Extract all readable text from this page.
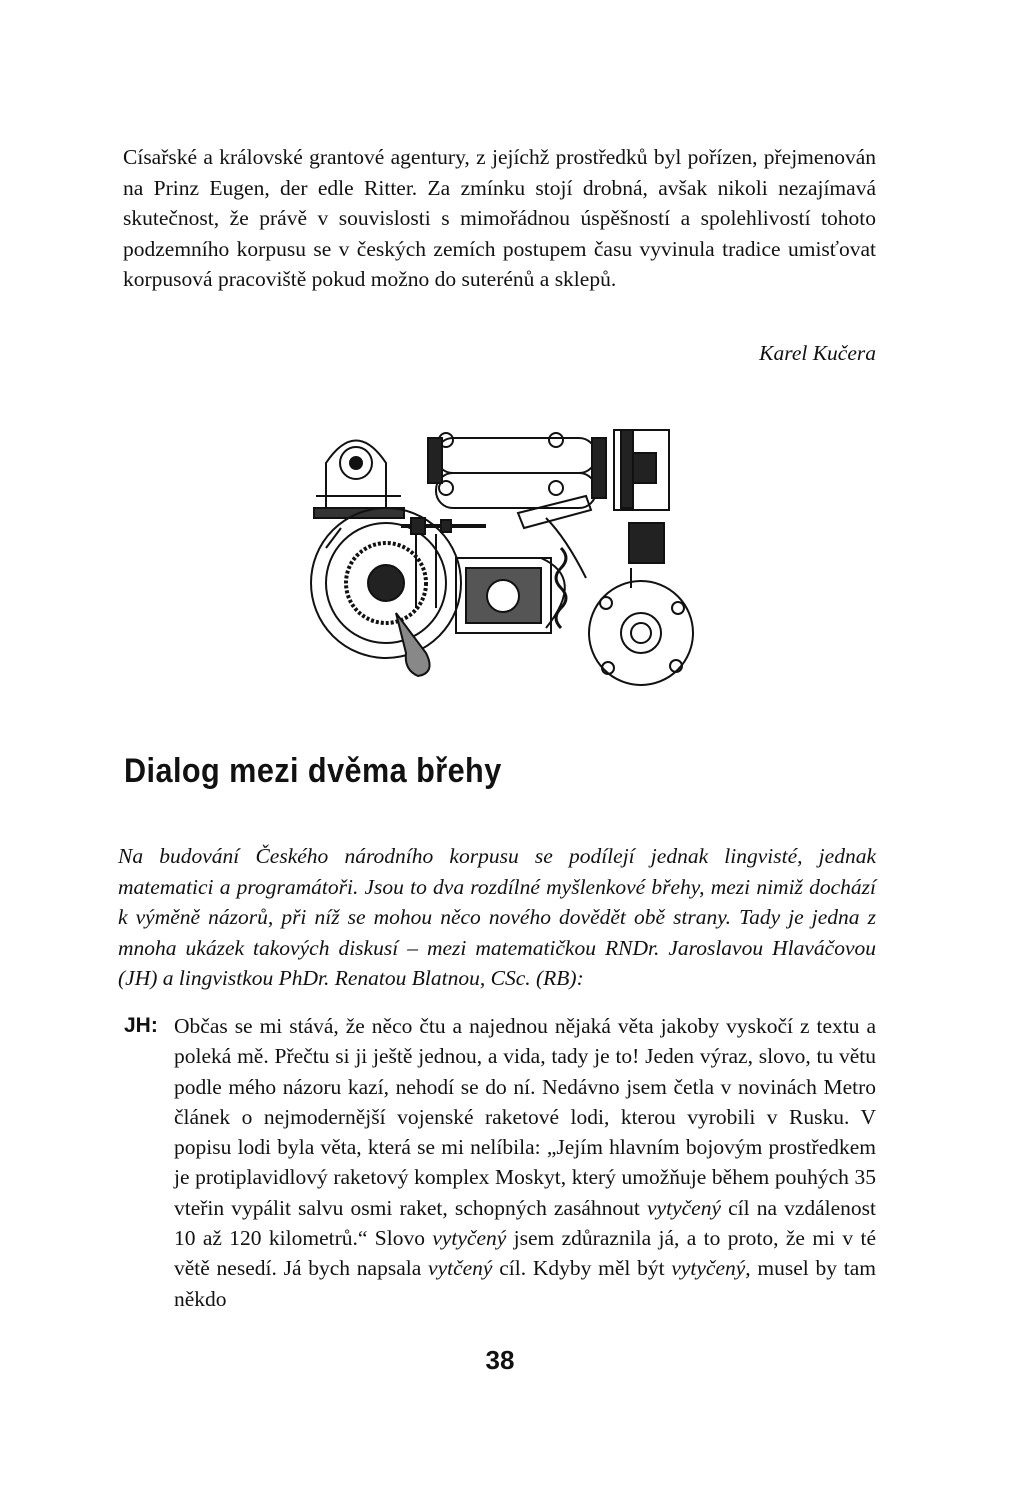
Císařské a královské grantové agentury, z jejíchž prostředků byl pořízen, přejmenován na Prinz Eugen, der edle Ritter. Za zmínku stojí drobná, avšak nikoli nezajímavá skutečnost, že právě v souvislosti s mimořádnou úspěšností a spolehlivostí tohoto podzemního korpusu se v českých zemích postupem času vyvinula tradice umisťovat korpusová pracoviště pokud možno do suterénů a sklepů.

Karel Kučera

Dialog mezi dvěma břehy

Na budování Českého národního korpusu se podílejí jednak lingvisté, jednak matematici a programátoři. Jsou to dva rozdílné myšlenkové břehy, mezi nimiž dochází k výměně názorů, při níž se mohou něco nového dovědět obě strany. Tady je jedna z mnoha ukázek takových diskusí – mezi matematičkou RNDr. Jaroslavou Hlaváčovou (JH) a lingvistkou PhDr. Renatou Blatnou, CSc. (RB):

JH: Občas se mi stává, že něco čtu a najednou nějaká věta jakoby vyskočí z textu a poleká mě. Přečtu si ji ještě jednou, a vida, tady je to! Jeden výraz, slovo, tu větu podle mého názoru kazí, nehodí se do ní. Nedávno jsem četla v novinách Metro článek o nejmodernější vojenské raketové lodi, kterou vyrobili v Rusku. V popisu lodi byla věta, která se mi nelíbila: „Jejím hlavním bojovým prostředkem je protiplavidlový raketový komplex Moskyt, který umožňuje během pouhých 35 vteřin vypálit salvu osmi raket, schopných zasáhnout vytyčený cíl na vzdálenost 10 až 120 kilometrů.“ Slovo vytyčený jsem zdůraznila já, a to proto, že mi v té větě nesedí. Já bych napsala vytčený cíl. Kdyby měl být vytyčený, musel by tam někdo

38
